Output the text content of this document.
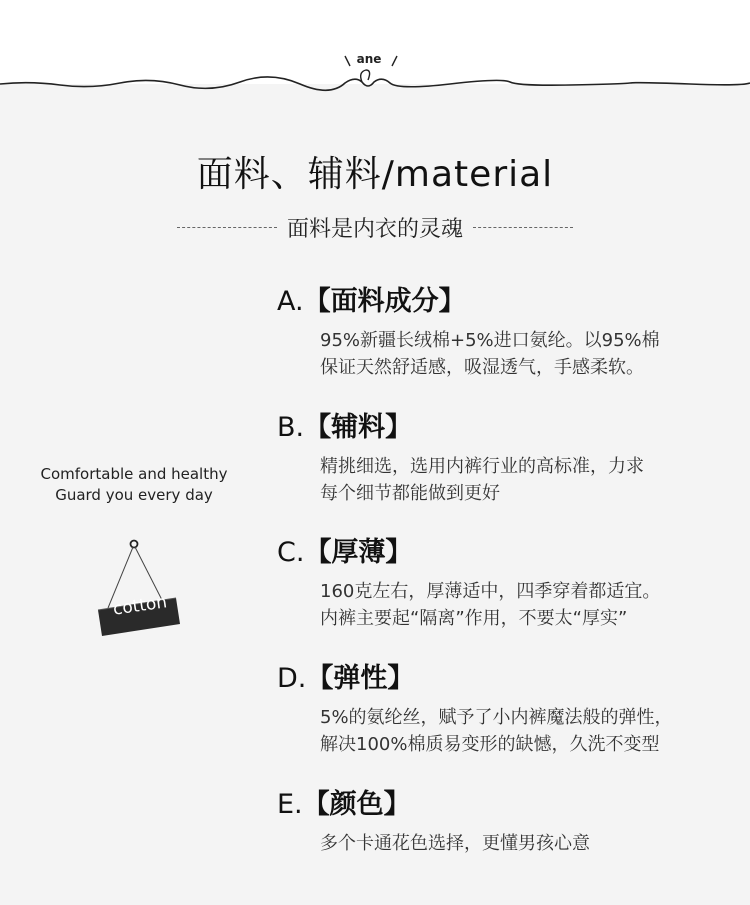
ane
面料、辅料/material
面料是内衣的灵魂
Comfortable and healthy
Guard you every day
cotton
A.【面料成分】
95%新疆长绒棉+5%进口氨纶。以95%棉
保证天然舒适感，吸湿透气，手感柔软。
B.【辅料】
精挑细选，选用内裤行业的高标准，力求
每个细节都能做到更好
C.【厚薄】
160克左右，厚薄适中，四季穿着都适宜。
内裤主要起“隔离”作用，不要太“厚实”
D.【弹性】
5%的氨纶丝，赋予了小内裤魔法般的弹性，
解决100%棉质易变形的缺憾，久洗不变型
E.【颜色】
多个卡通花色选择，更懂男孩心意
